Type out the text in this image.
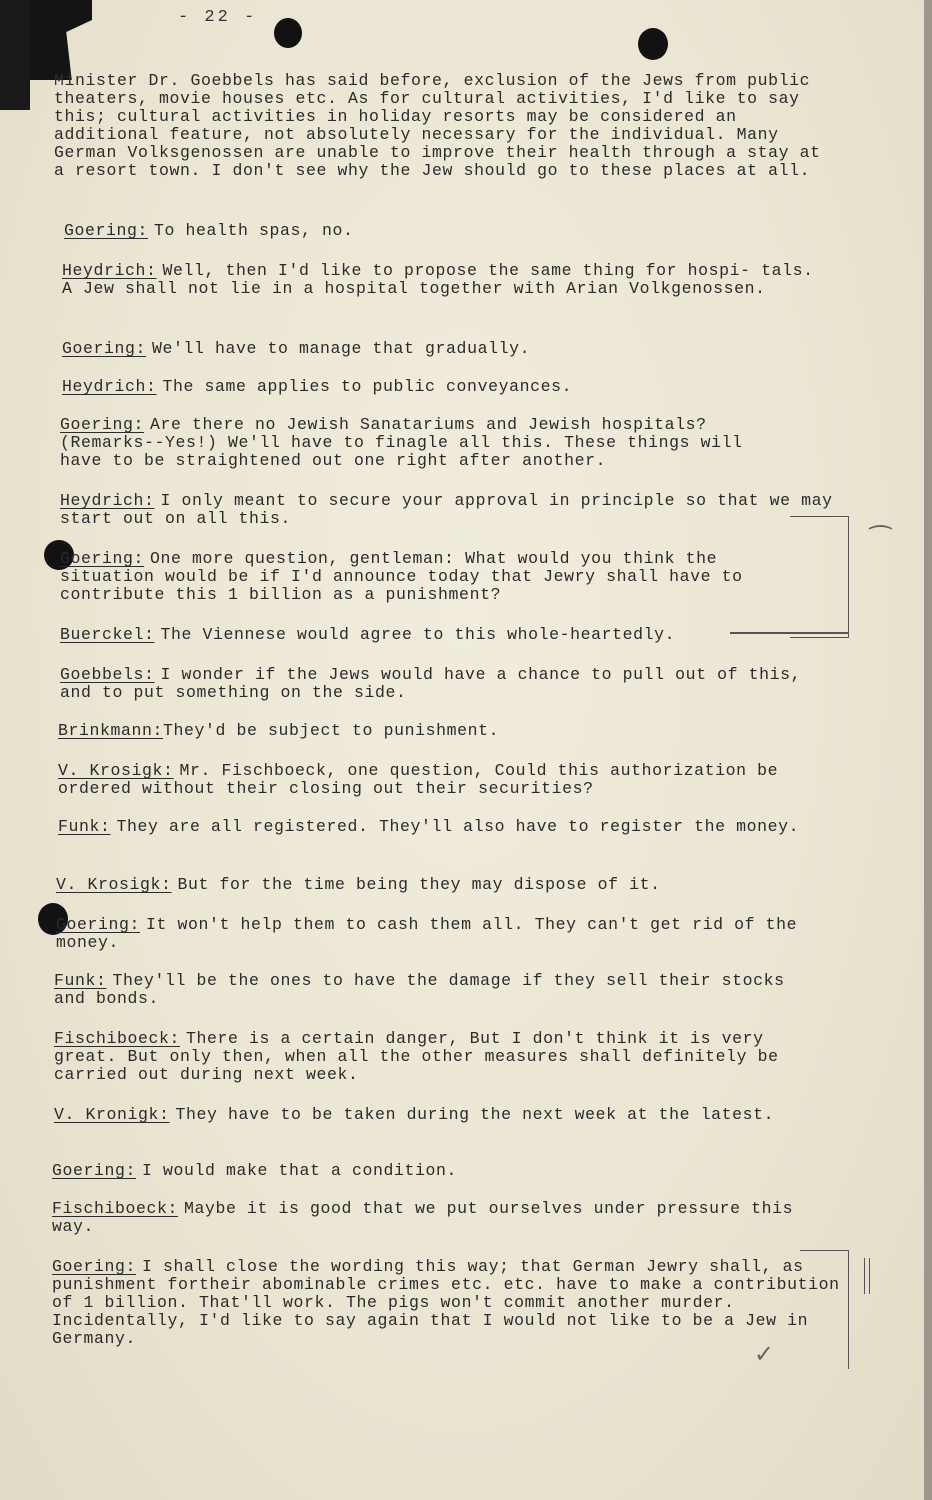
- 22 -
Minister Dr. Goebbels has said before, exclusion of the Jews from public theaters, movie houses etc. As for cultural activities, I'd like to say this; cultural activities in holiday resorts may be considered an additional feature, not absolutely necessary for the individual. Many German Volksgenossen are unable to improve their health through a stay at a resort town. I don't see why the Jew should go to these places at all.
Goering: To health spas, no.
Heydrich: Well, then I'd like to propose the same thing for hospi- tals. A Jew shall not lie in a hospital together with Arian Volkgenossen.
Goering: We'll have to manage that gradually.
Heydrich: The same applies to public conveyances.
Goering: Are there no Jewish Sanatariums and Jewish hospitals? (Remarks--Yes!) We'll have to finagle all this. These things will have to be straightened out one right after another.
Heydrich: I only meant to secure your approval in principle so that we may start out on all this.
Goering: One more question, gentleman: What would you think the situation would be if I'd announce today that Jewry shall have to contribute this 1 billion as a punishment?
Buerckel: The Viennese would agree to this whole-heartedly.
Goebbels: I wonder if the Jews would have a chance to pull out of this, and to put something on the side.
Brinkmann:They'd be subject to punishment.
V. Krosigk: Mr. Fischboeck, one question, Could this authorization be ordered without their closing out their securities?
Funk: They are all registered. They'll also have to register the money.
V. Krosigk: But for the time being they may dispose of it.
Goering: It won't help them to cash them all. They can't get rid of the money.
Funk: They'll be the ones to have the damage if they sell their stocks and bonds.
Fischiboeck: There is a certain danger, But I don't think it is very great. But only then, when all the other measures shall definitely be carried out during next week.
V. Kronigk: They have to be taken during the next week at the latest.
Goering: I would make that a condition.
Fischiboeck: Maybe it is good that we put ourselves under pressure this way.
Goering: I shall close the wording this way; that German Jewry shall, as punishment fortheir abominable crimes etc. etc. have to make a contribution of 1 billion. That'll work. The pigs won't commit another murder. Incidentally, I'd like to say again that I would not like to be a Jew in Germany.
⁀
✓
